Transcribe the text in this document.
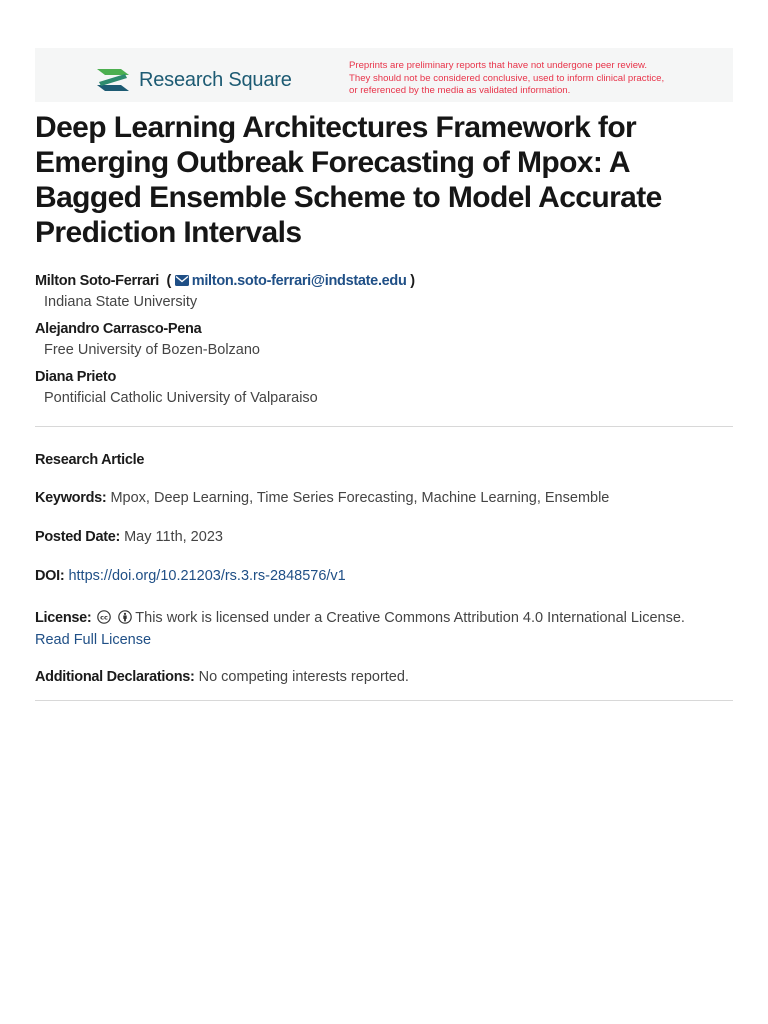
Research Square
Preprints are preliminary reports that have not undergone peer review.
They should not be considered conclusive, used to inform clinical practice,
or referenced by the media as validated information.
Deep Learning Architectures Framework for Emerging Outbreak Forecasting of Mpox: A Bagged Ensemble Scheme to Model Accurate Prediction Intervals
Milton Soto-Ferrari  ( milton.soto-ferrari@indstate.edu )
Indiana State University
Alejandro Carrasco-Pena
Free University of Bozen-Bolzano
Diana Prieto
Pontificial Catholic University of Valparaiso
Research Article
Keywords: Mpox, Deep Learning, Time Series Forecasting, Machine Learning, Ensemble
Posted Date: May 11th, 2023
DOI: https://doi.org/10.21203/rs.3.rs-2848576/v1
License: cc This work is licensed under a Creative Commons Attribution 4.0 International License.
Read Full License
Additional Declarations: No competing interests reported.
